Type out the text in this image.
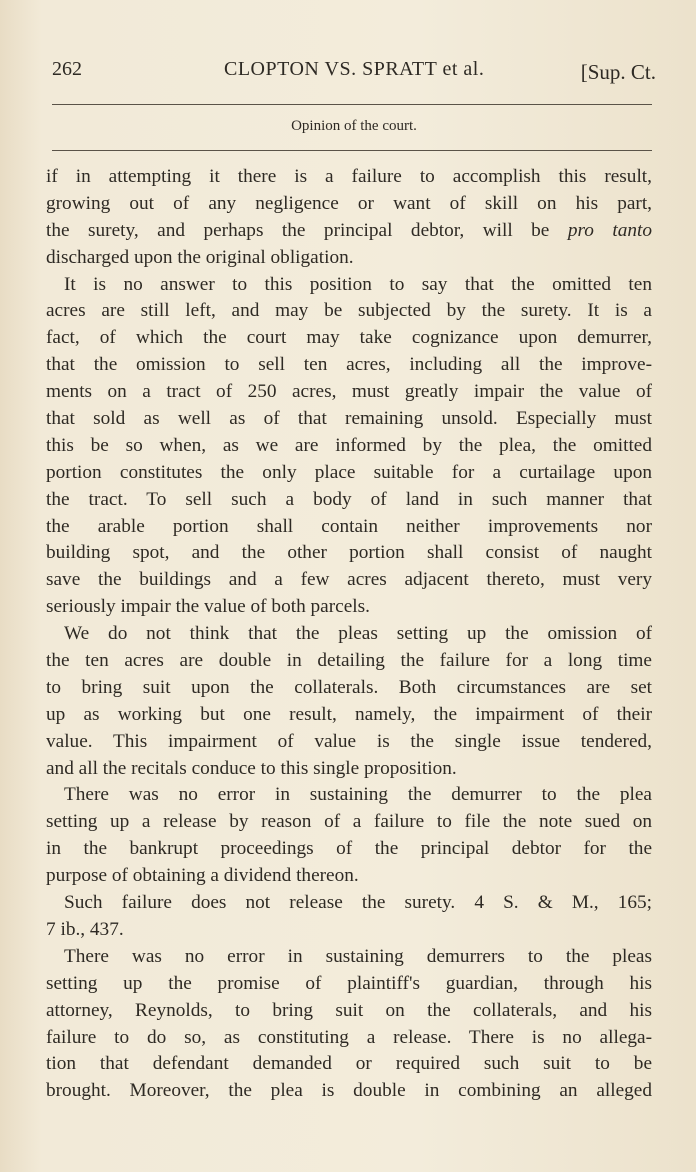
262	CLOPTON VS. SPRATT et al.	[Sup. Ct.
Opinion of the court.
if in attempting it there is a failure to accomplish this result,
growing out of any negligence or want of skill on his part,
the surety, and perhaps the principal debtor, will be pro tanto
discharged upon the original obligation.
It is no answer to this position to say that the omitted ten
acres are still left, and may be subjected by the surety. It is a
fact, of which the court may take cognizance upon demurrer,
that the omission to sell ten acres, including all the improve-
ments on a tract of 250 acres, must greatly impair the value of
that sold as well as of that remaining unsold. Especially must
this be so when, as we are informed by the plea, the omitted
portion constitutes the only place suitable for a curtailage upon
the tract. To sell such a body of land in such manner that
the arable portion shall contain neither improvements nor
building spot, and the other portion shall consist of naught
save the buildings and a few acres adjacent thereto, must very
seriously impair the value of both parcels.
We do not think that the pleas setting up the omission of
the ten acres are double in detailing the failure for a long time
to bring suit upon the collaterals. Both circumstances are set
up as working but one result, namely, the impairment of their
value. This impairment of value is the single issue tendered,
and all the recitals conduce to this single proposition.
There was no error in sustaining the demurrer to the plea
setting up a release by reason of a failure to file the note sued on
in the bankrupt proceedings of the principal debtor for the
purpose of obtaining a dividend thereon.
Such failure does not release the surety. 4 S. & M., 165;
7 ib., 437.
There was no error in sustaining demurrers to the pleas
setting up the promise of plaintiff's guardian, through his
attorney, Reynolds, to bring suit on the collaterals, and his
failure to do so, as constituting a release. There is no allega-
tion that defendant demanded or required such suit to be
brought. Moreover, the plea is double in combining an alleged
